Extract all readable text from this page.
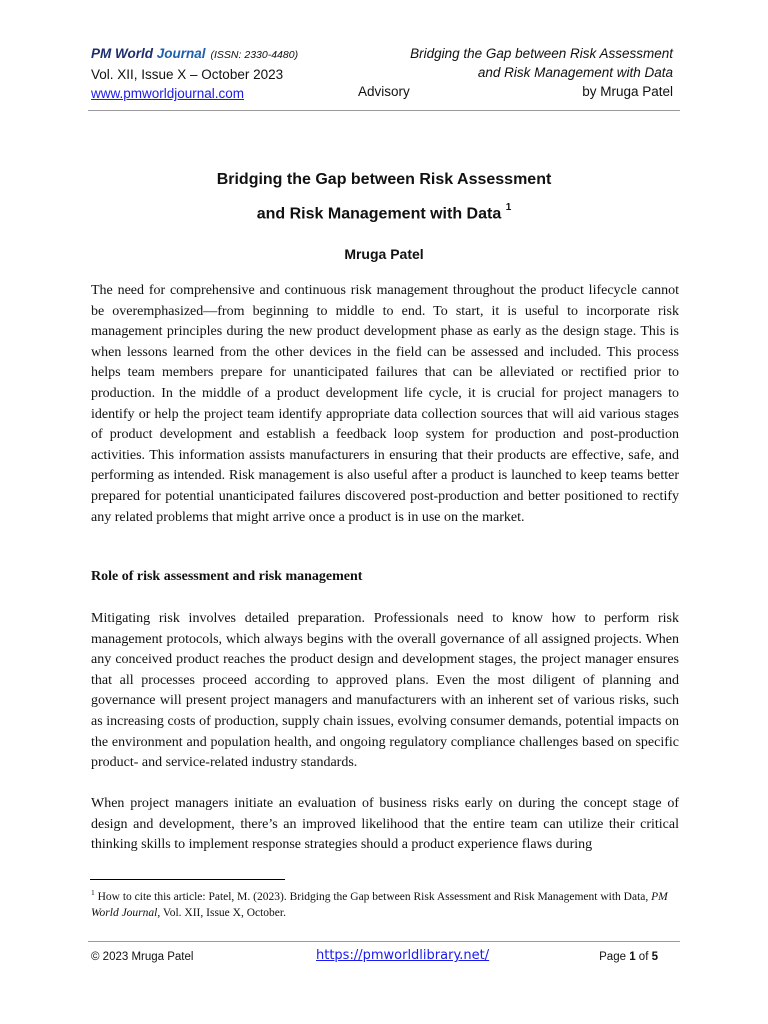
PM World Journal (ISSN: 2330-4480)
Vol. XII, Issue X – October 2023
www.pmworldjournal.com
Bridging the Gap between Risk Assessment
and Risk Management with Data
Advisory	by Mruga Patel
Bridging the Gap between Risk Assessment
and Risk Management with Data $^1$
Mruga Patel

The need for comprehensive and continuous risk management throughout the product lifecycle cannot be overemphasized—from beginning to middle to end. To start, it is useful to incorporate risk management principles during the new product development phase as early as the design stage. This is when lessons learned from the other devices in the field can be assessed and included. This process helps team members prepare for unanticipated failures that can be alleviated or rectified prior to production. In the middle of a product development life cycle, it is crucial for project managers to identify or help the project team identify appropriate data collection sources that will aid various stages of product development and establish a feedback loop system for production and post-production activities. This information assists manufacturers in ensuring that their products are effective, safe, and performing as intended. Risk management is also useful after a product is launched to keep teams better prepared for potential unanticipated failures discovered post-production and better positioned to rectify any related problems that might arrive once a product is in use on the market.

Role of risk assessment and risk management

Mitigating risk involves detailed preparation. Professionals need to know how to perform risk management protocols, which always begins with the overall governance of all assigned projects. When any conceived product reaches the product design and development stages, the project manager ensures that all processes proceed according to approved plans. Even the most diligent of planning and governance will present project managers and manufacturers with an inherent set of various risks, such as increasing costs of production, supply chain issues, evolving consumer demands, potential impacts on the environment and population health, and ongoing regulatory compliance challenges based on specific product- and service-related industry standards.

When project managers initiate an evaluation of business risks early on during the concept stage of design and development, there’s an improved likelihood that the entire team can utilize their critical thinking skills to implement response strategies should a product experience flaws during

$^1$ How to cite this article: Patel, M. (2023). Bridging the Gap between Risk Assessment and Risk Management with Data, PM World Journal, Vol. XII, Issue X, October.
© 2023 Mruga Patel	https://pmworldlibrary.net/	Page 1 of 5
